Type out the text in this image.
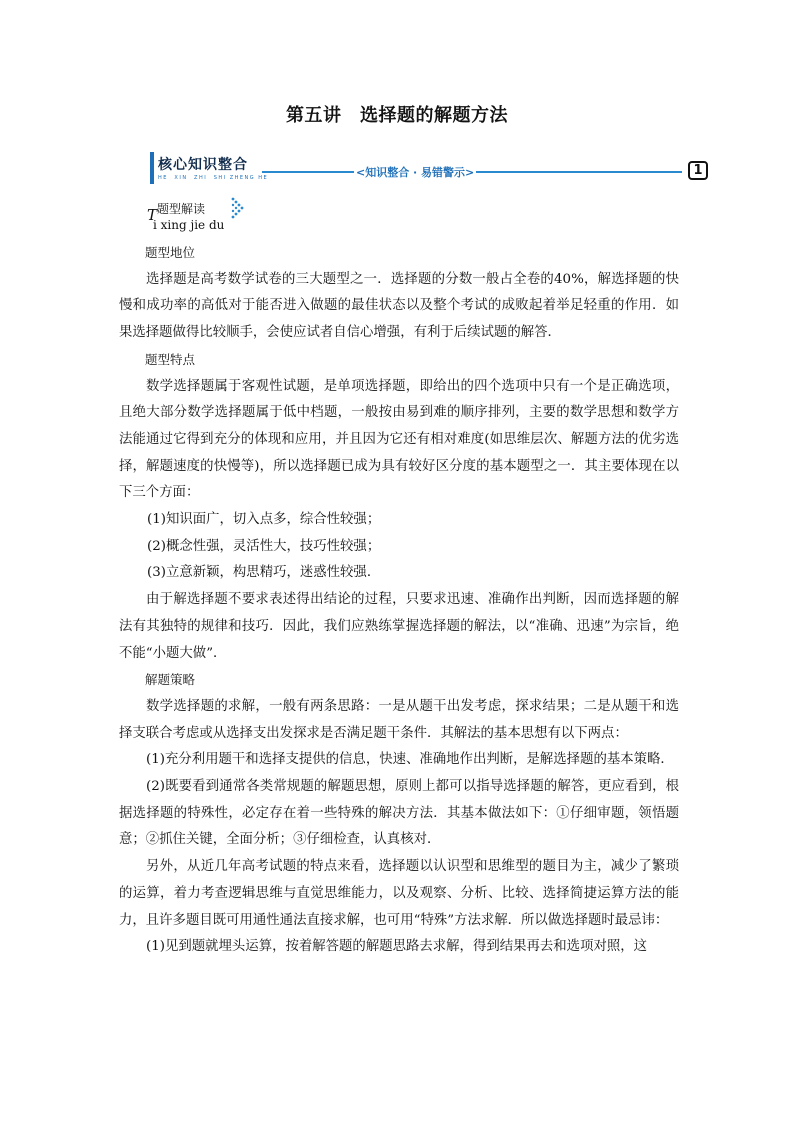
第五讲　选择题的解题方法
核心知识整合
HE　XIN　ZHI　SHI ZHENG HE	<知识整合 · 易错警示>	1
T 题型解读
i xing jie du

题型地位

选择题是高考数学试卷的三大题型之一．选择题的分数一般占全卷的40%，解选择题的快慢和成功率的高低对于能否进入做题的最佳状态以及整个考试的成败起着举足轻重的作用．如果选择题做得比较顺手，会使应试者自信心增强，有利于后续试题的解答．

题型特点

数学选择题属于客观性试题，是单项选择题，即给出的四个选项中只有一个是正确选项，且绝大部分数学选择题属于低中档题，一般按由易到难的顺序排列，主要的数学思想和数学方法能通过它得到充分的体现和应用，并且因为它还有相对难度(如思维层次、解题方法的优劣选择，解题速度的快慢等)，所以选择题已成为具有较好区分度的基本题型之一．其主要体现在以下三个方面：

(1)知识面广，切入点多，综合性较强；

(2)概念性强，灵活性大，技巧性较强；

(3)立意新颖，构思精巧，迷惑性较强．

由于解选择题不要求表述得出结论的过程，只要求迅速、准确作出判断，因而选择题的解法有其独特的规律和技巧．因此，我们应熟练掌握选择题的解法，以“准确、迅速”为宗旨，绝不能“小题大做”．

解题策略

数学选择题的求解，一般有两条思路：一是从题干出发考虑，探求结果；二是从题干和选择支联合考虑或从选择支出发探求是否满足题干条件．其解法的基本思想有以下两点：

(1)充分利用题干和选择支提供的信息，快速、准确地作出判断，是解选择题的基本策略．

(2)既要看到通常各类常规题的解题思想，原则上都可以指导选择题的解答，更应看到，根据选择题的特殊性，必定存在着一些特殊的解决方法．其基本做法如下：①仔细审题，领悟题意；②抓住关键，全面分析；③仔细检查，认真核对．

另外，从近几年高考试题的特点来看，选择题以认识型和思维型的题目为主，减少了繁琐的运算，着力考查逻辑思维与直觉思维能力，以及观察、分析、比较、选择简捷运算方法的能力，且许多题目既可用通性通法直接求解，也可用“特殊”方法求解．所以做选择题时最忌讳：

(1)见到题就埋头运算，按着解答题的解题思路去求解，得到结果再去和选项对照，这
